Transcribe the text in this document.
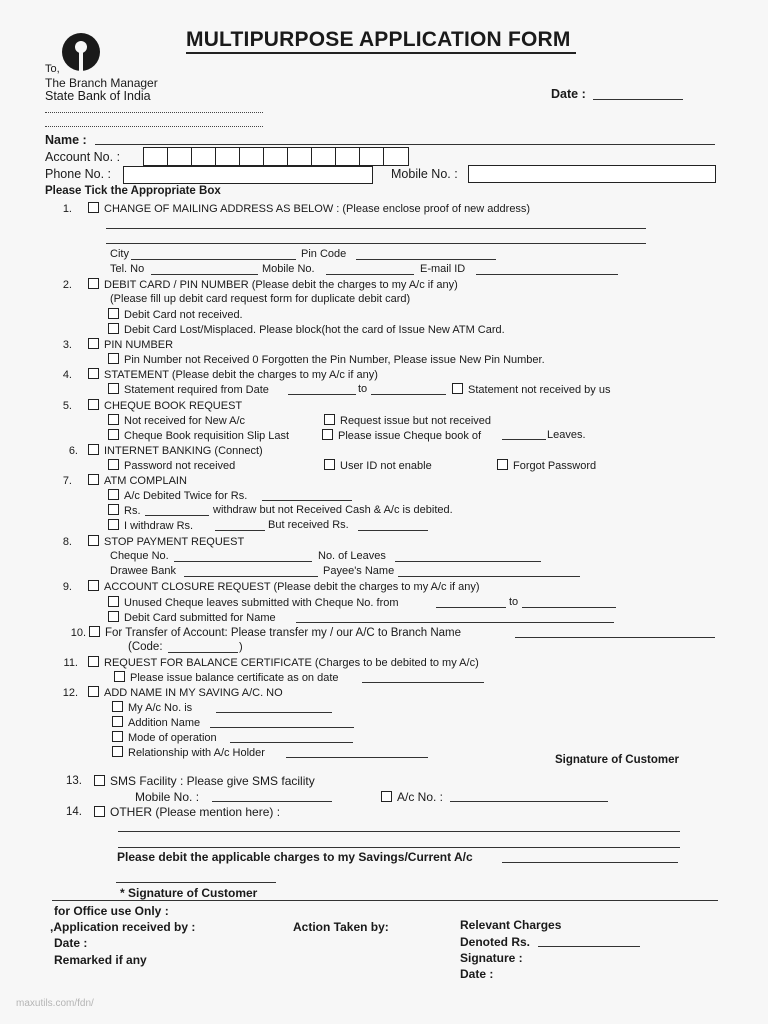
MULTIPURPOSE APPLICATION FORM
To,
The Branch Manager
State Bank of India	Date :
Name :
Account No. :
Phone No. :	Mobile No. :
Please Tick the Appropriate Box
1.	CHANGE OF MAILING ADDRESS AS BELOW : (Please enclose proof of new address)
City	Pin Code
Tel. No	Mobile No.	E-mail ID
2.	DEBIT CARD / PIN NUMBER (Please debit the charges to my A/c if any)
(Please fill up debit card request form for duplicate debit card)
Debit Card not received.
Debit Card Lost/Misplaced. Please block(hot the card of Issue New ATM Card.
3.	PIN NUMBER
Pin Number not Received 0 Forgotten the Pin Number, Please issue New Pin Number.
4.	STATEMENT (Please debit the charges to my A/c if any)
Statement required from Date	to	Statement not received by us
5.	CHEQUE BOOK REQUEST
Not received for New A/c	Request issue but not received
Cheque Book requisition Slip Last	Please issue Cheque book of	Leaves.
6.	INTERNET BANKING (Connect)
Password not received	User ID not enable	Forgot Password
7.	ATM COMPLAIN
A/c Debited Twice for Rs.
Rs.	withdraw but not Received Cash & A/c is debited.
I withdraw Rs.	But received Rs.
8.	STOP PAYMENT REQUEST
Cheque No.	No. of Leaves
Drawee Bank	Payee's Name
9.	ACCOUNT CLOSURE REQUEST (Please debit the charges to my A/c if any)
Unused Cheque leaves submitted with Cheque No. from	to
Debit Card submitted for Name
10.	For Transfer of Account: Please transfer my / our A/C to Branch Name
(Code:	)
11.	REQUEST FOR BALANCE CERTIFICATE (Charges to be debited to my A/c)
Please issue balance certificate as on date
12.	ADD NAME IN MY SAVING A/C. NO
My A/c No. is
Addition Name
Mode of operation
Relationship with A/c Holder
Signature of Customer
13.	SMS Facility : Please give SMS facility
Mobile No. :	A/c No. :
14.	OTHER (Please mention here) :
Please debit the applicable charges to my Savings/Current A/c
* Signature of Customer
for Office use Only :
,Application received by :
Date :
Remarked if any
Action Taken by:	Relevant Charges
Denoted Rs.
Signature :
Date :
maxutils.com/fdn/
